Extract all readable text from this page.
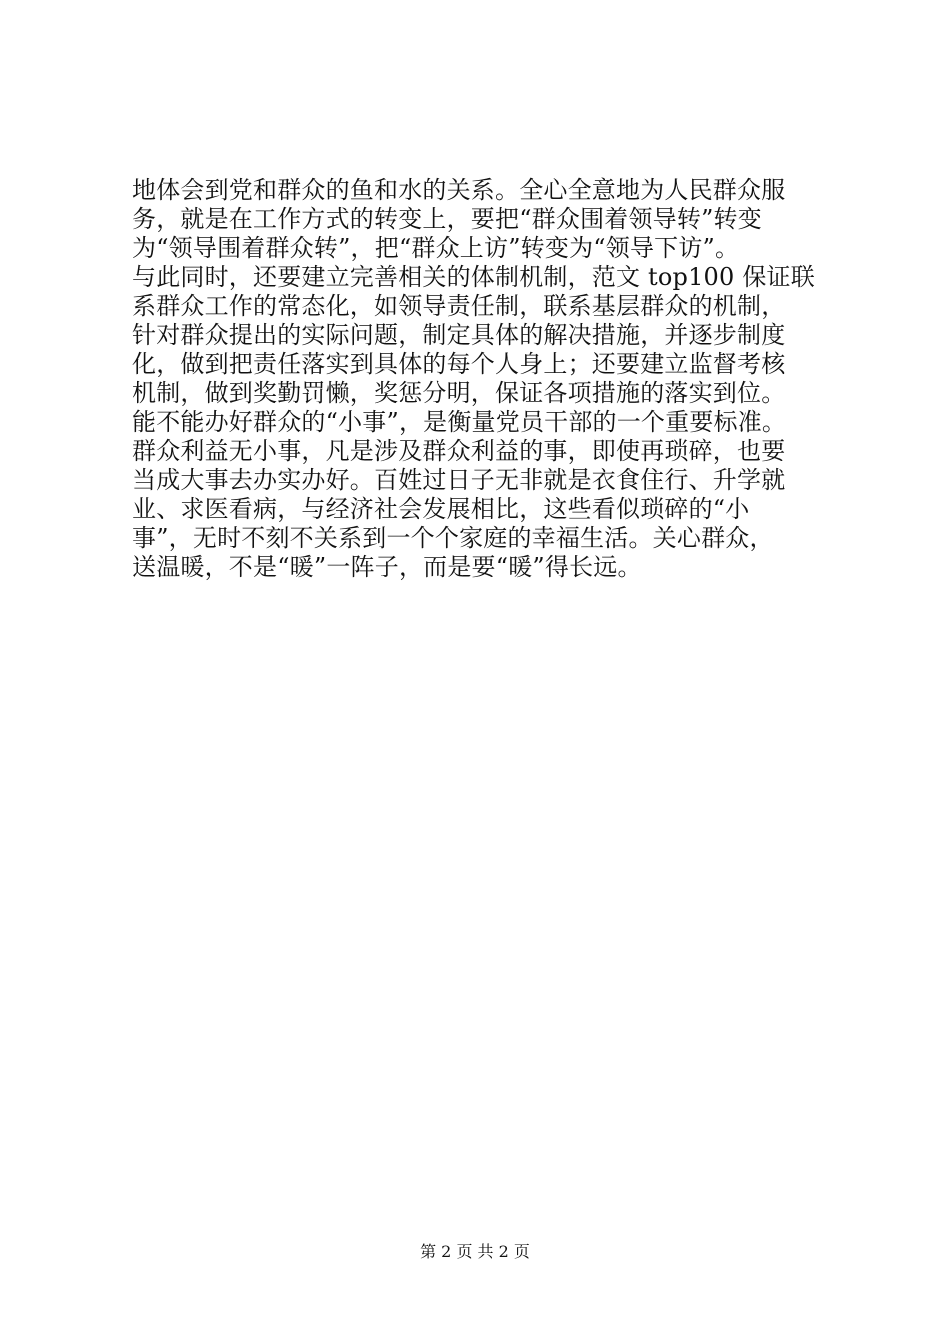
地体会到党和群众的鱼和水的关系。全心全意地为人民群众服
务，就是在工作方式的转变上，要把“群众围着领导转”转变
为“领导围着群众转”，把“群众上访”转变为“领导下访”。
与此同时，还要建立完善相关的体制机制，范文 top100 保证联
系群众工作的常态化，如领导责任制，联系基层群众的机制，
针对群众提出的实际问题，制定具体的解决措施，并逐步制度
化，做到把责任落实到具体的每个人身上；还要建立监督考核
机制，做到奖勤罚懒，奖惩分明，保证各项措施的落实到位。
能不能办好群众的“小事”，是衡量党员干部的一个重要标准。
群众利益无小事，凡是涉及群众利益的事，即使再琐碎，也要
当成大事去办实办好。百姓过日子无非就是衣食住行、升学就
业、求医看病，与经济社会发展相比，这些看似琐碎的“小
事”，无时不刻不关系到一个个家庭的幸福生活。关心群众，
送温暖，不是“暖”一阵子，而是要“暖”得长远。
第 2 页 共 2 页
